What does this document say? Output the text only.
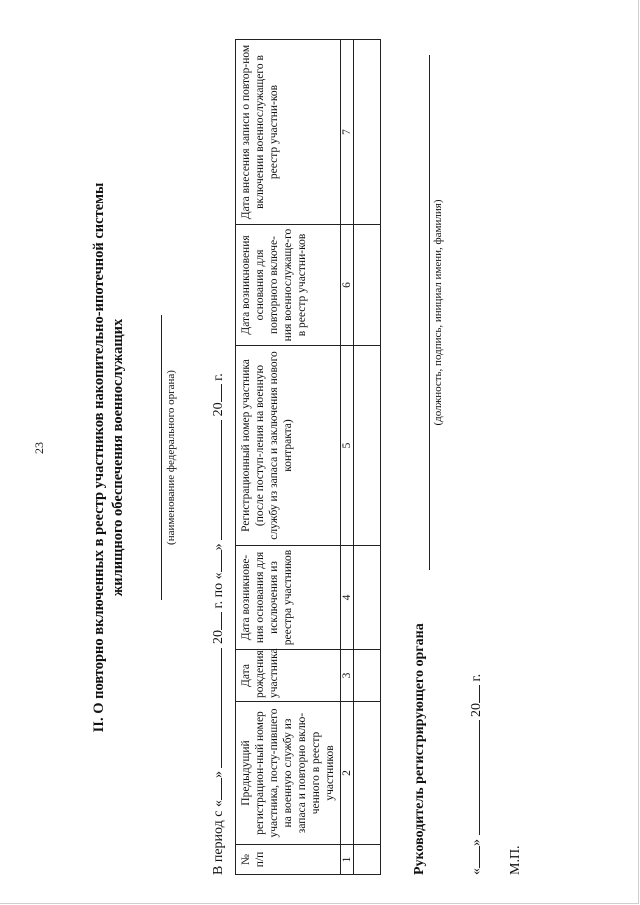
23	II. О повторно включенных в реестр участников накопительно-ипотечной системы жилищного обеспечения военнослужащих	(наименование федерального органа)
В период с «»  20 г. по «»  20 г.
№ п/п	Предыдущий регистрацион-ный номер участника, посту-пившего на военную службу из запаса и повторно вклю-ченного в реестр участников	Дата рождения участника	Дата возникнове-ния основания для исключения из реестра участников	Регистрационный номер участника (после поступ-ления на военную службу из запаса и заключения нового контракта)	Дата возникновения основания для повторного включе-ния военнослужаще-го в реестр участни-ков	Дата внесения записи о повтор-ном включении военнослужащего в реестр участни-ков

1	2	3	4	5	6	7

Руководитель регистрирующего органа
(должность, подпись, инициал имени, фамилия)
«»  20 г.
М.П.
